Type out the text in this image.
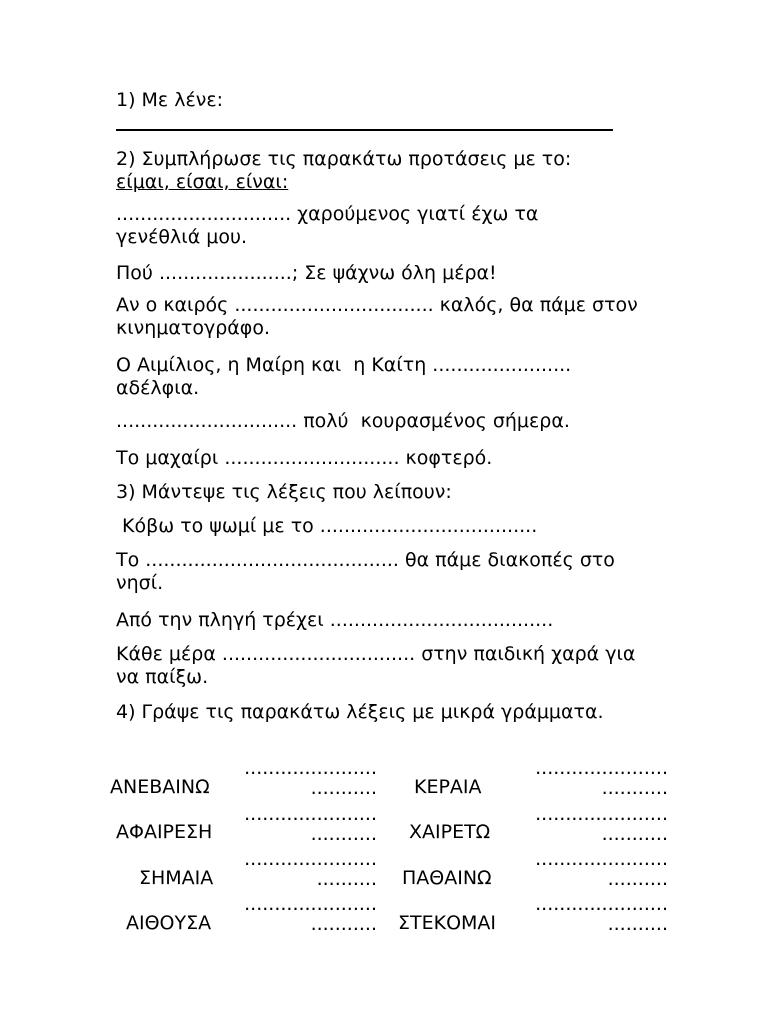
1) Με λένε:
2) Συμπλήρωσε τις παρακάτω προτάσεις με το: είμαι, είσαι, είναι:
............................. χαρούμενος γιατί έχω τα γενέθλιά μου.
Πού ......................; Σε ψάχνω όλη μέρα!
Αν ο καιρός ................................. καλός, θα πάμε στον κινηματογράφο.
Ο Αιμίλιος, η Μαίρη και  η Καίτη ....................... αδέλφια.
.............................. πολύ  κουρασμένος σήμερα.
Το μαχαίρι ............................. κοφτερό.
3) Μάντεψε τις λέξεις που λείπουν:
Κόβω το ψωμί με το ....................................
Το .......................................... θα πάμε διακοπές στο νησί.
Από την πληγή τρέχει .....................................
Κάθε μέρα ................................ στην παιδική χαρά για να παίξω.
4) Γράψε τις παρακάτω λέξεις με μικρά γράμματα.
......................
...........
ΑΝΕΒΑΙΝΩ
......................
...........
ΚΕΡΑΙΑ
......................
...........
ΑΦΑΙΡΕΣΗ
......................
...........
ΧΑΙΡΕΤΩ
......................
..........
ΣΗΜΑΙΑ
......................
..........
ΠΑΘΑΙΝΩ
......................
...........
ΑΙΘΟΥΣΑ
......................
..........
ΣΤΕΚΟΜΑΙ
